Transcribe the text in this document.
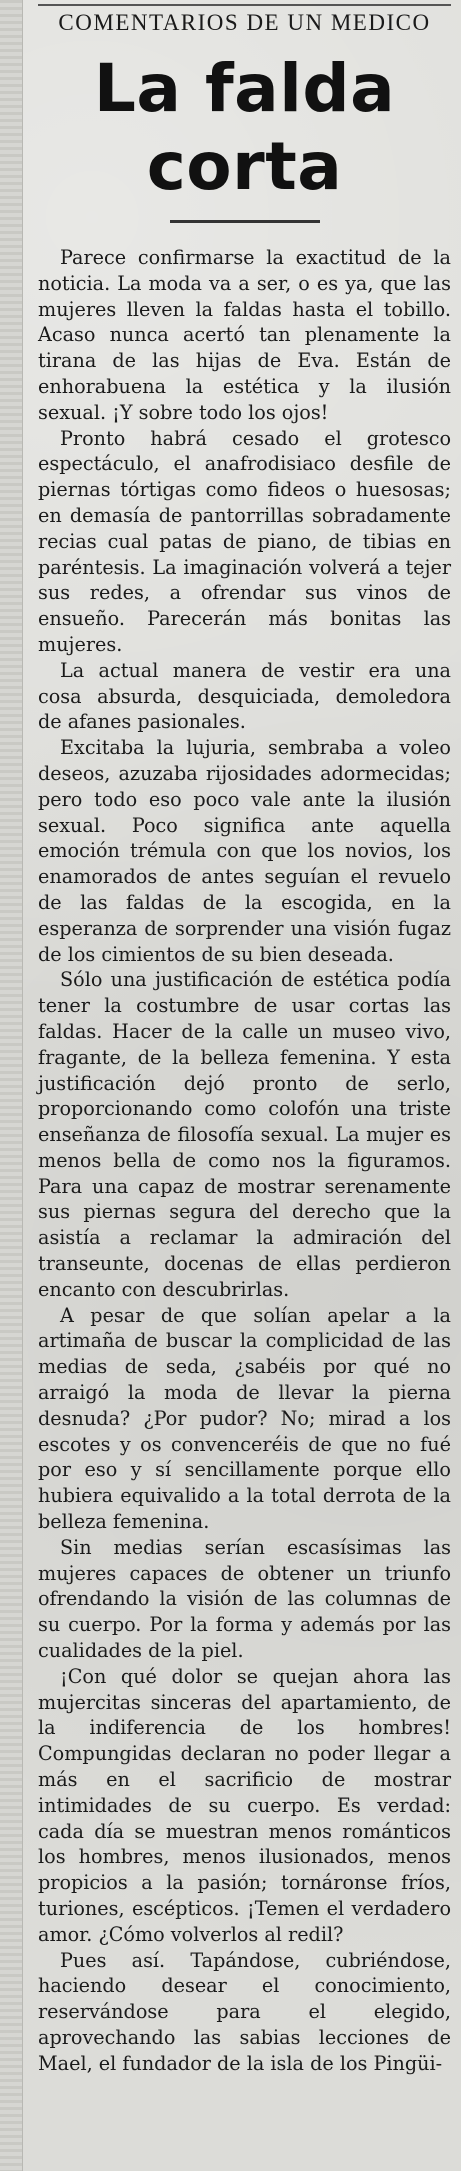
COMENTARIOS DE UN MEDICO
La falda corta

Parece confirmarse la exactitud de la noticia. La moda va a ser, o es ya, que las mujeres lleven la faldas hasta el tobillo. Acaso nunca acertó tan plenamente la tirana de las hijas de Eva. Están de enhorabuena la estética y la ilusión sexual. ¡Y sobre todo los ojos!

Pronto habrá cesado el grotesco espectáculo, el anafrodisiaco desfile de piernas tórtigas como fideos o huesosas; en demasía de pantorrillas sobradamente recias cual patas de piano, de tibias en paréntesis. La imaginación volverá a tejer sus redes, a ofrendar sus vinos de ensueño. Parecerán más bonitas las mujeres.

La actual manera de vestir era una cosa absurda, desquiciada, demoledora de afanes pasionales.

Excitaba la lujuria, sembraba a voleo deseos, azuzaba rijosidades adormecidas; pero todo eso poco vale ante la ilusión sexual. Poco significa ante aquella emoción trémula con que los novios, los enamorados de antes seguían el revuelo de las faldas de la escogida, en la esperanza de sorprender una visión fugaz de los cimientos de su bien deseada.

Sólo una justificación de estética podía tener la costumbre de usar cortas las faldas. Hacer de la calle un museo vivo, fragante, de la belleza femenina. Y esta justificación dejó pronto de serlo, proporcionando como colofón una triste enseñanza de filosofía sexual. La mujer es menos bella de como nos la figuramos. Para una capaz de mostrar serenamente sus piernas segura del derecho que la asistía a reclamar la admiración del transeunte, docenas de ellas perdieron encanto con descubrirlas.

A pesar de que solían apelar a la artimaña de buscar la complicidad de las medias de seda, ¿sabéis por qué no arraigó la moda de llevar la pierna desnuda? ¿Por pudor? No; mirad a los escotes y os convenceréis de que no fué por eso y sí sencillamente porque ello hubiera equivalido a la total derrota de la belleza femenina.

Sin medias serían escasísimas las mujeres capaces de obtener un triunfo ofrendando la visión de las columnas de su cuerpo. Por la forma y además por las cualidades de la piel.

¡Con qué dolor se quejan ahora las mujercitas sinceras del apartamiento, de la indiferencia de los hombres! Compungidas declaran no poder llegar a más en el sacrificio de mostrar intimidades de su cuerpo. Es verdad: cada día se muestran menos románticos los hombres, menos ilusionados, menos propicios a la pasión; tornáronse fríos, turiones, escépticos. ¡Temen el verdadero amor. ¿Cómo volverlos al redil?

Pues así. Tapándose, cubriéndose, haciendo desear el conocimiento, reservándose para el elegido, aprovechando las sabias lecciones de Mael, el fundador de la isla de los Pingüi-
